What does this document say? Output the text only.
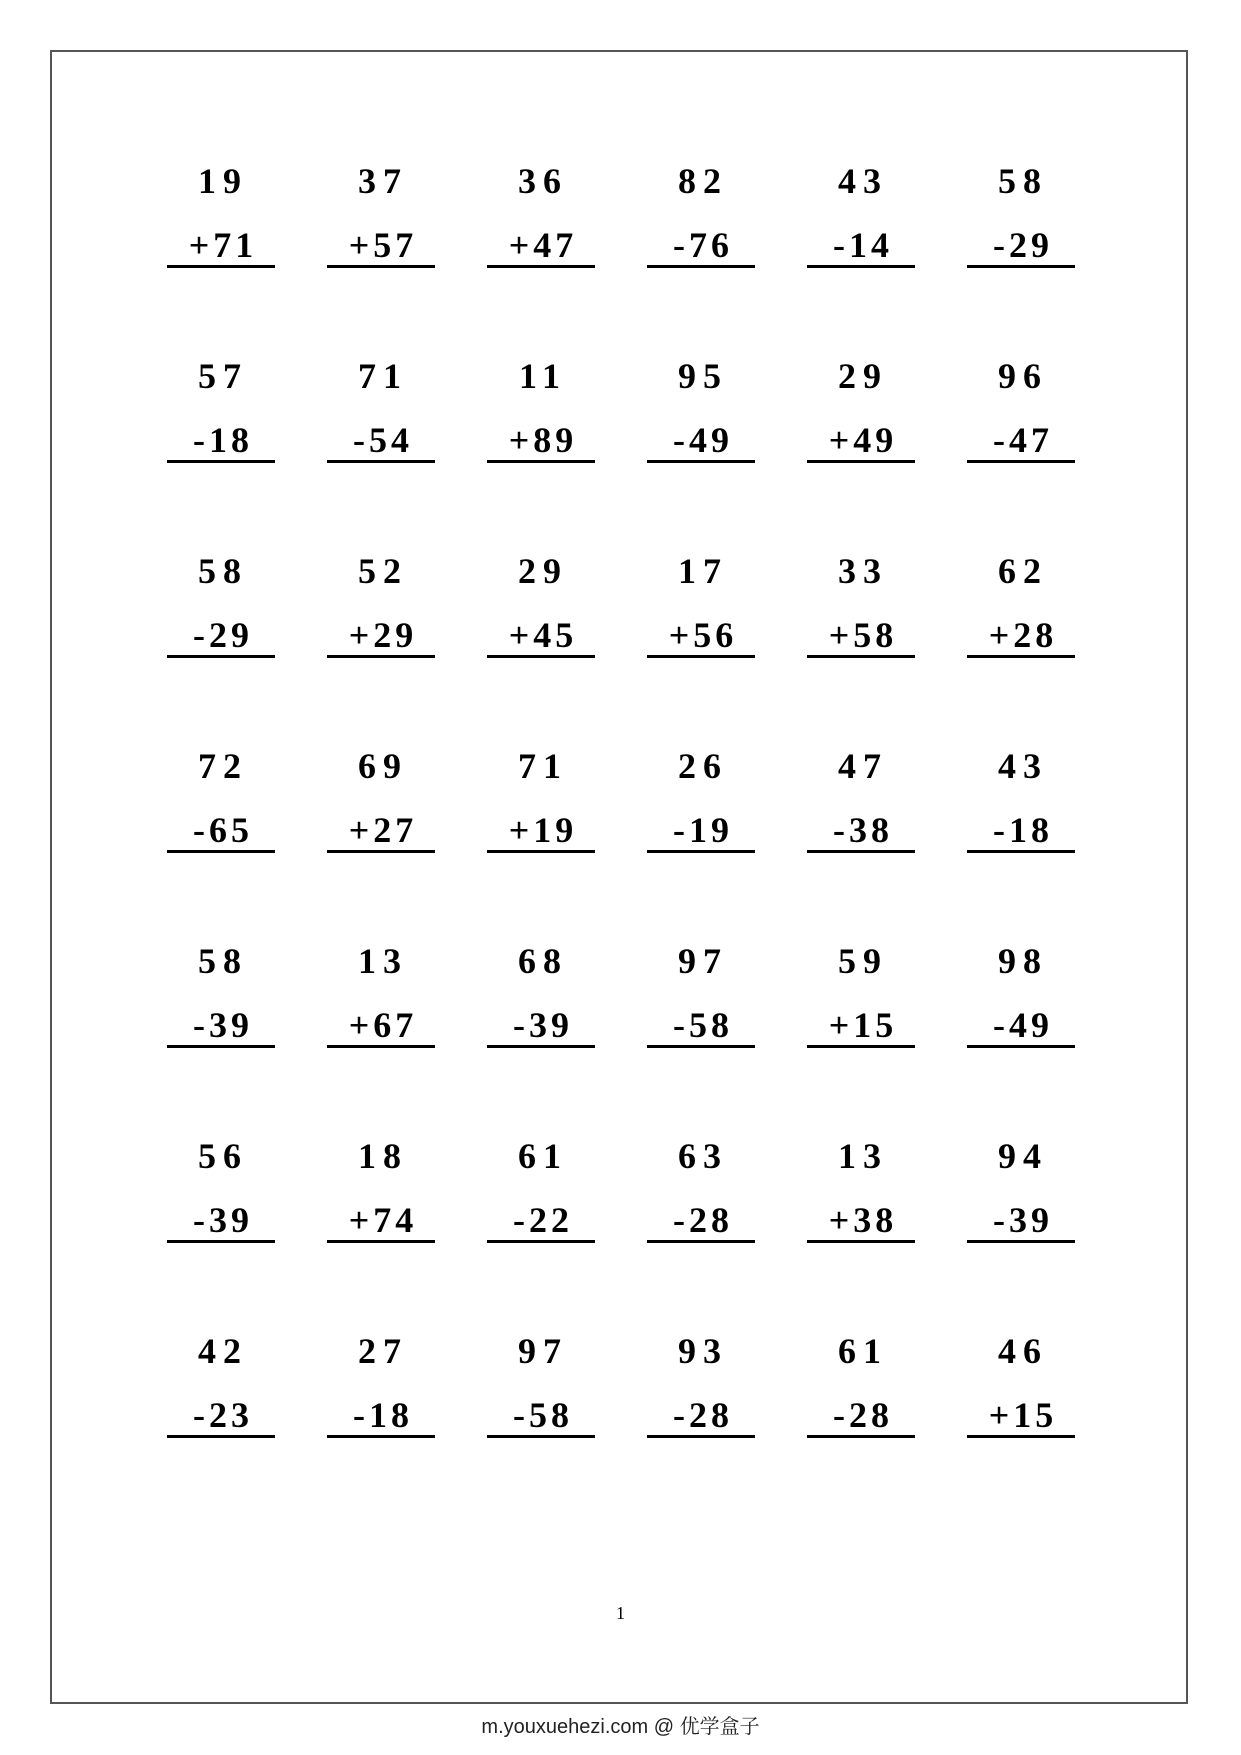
19
+71
37
+57
36
+47
82
-76
43
-14
58
-29
57
-18
71
-54
11
+89
95
-49
29
+49
96
-47
58
-29
52
+29
29
+45
17
+56
33
+58
62
+28
72
-65
69
+27
71
+19
26
-19
47
-38
43
-18
58
-39
13
+67
68
-39
97
-58
59
+15
98
-49
56
-39
18
+74
61
-22
63
-28
13
+38
94
-39
42
-23
27
-18
97
-58
93
-28
61
-28
46
+15
1
m.youxuehezi.com @ 优学盒子
